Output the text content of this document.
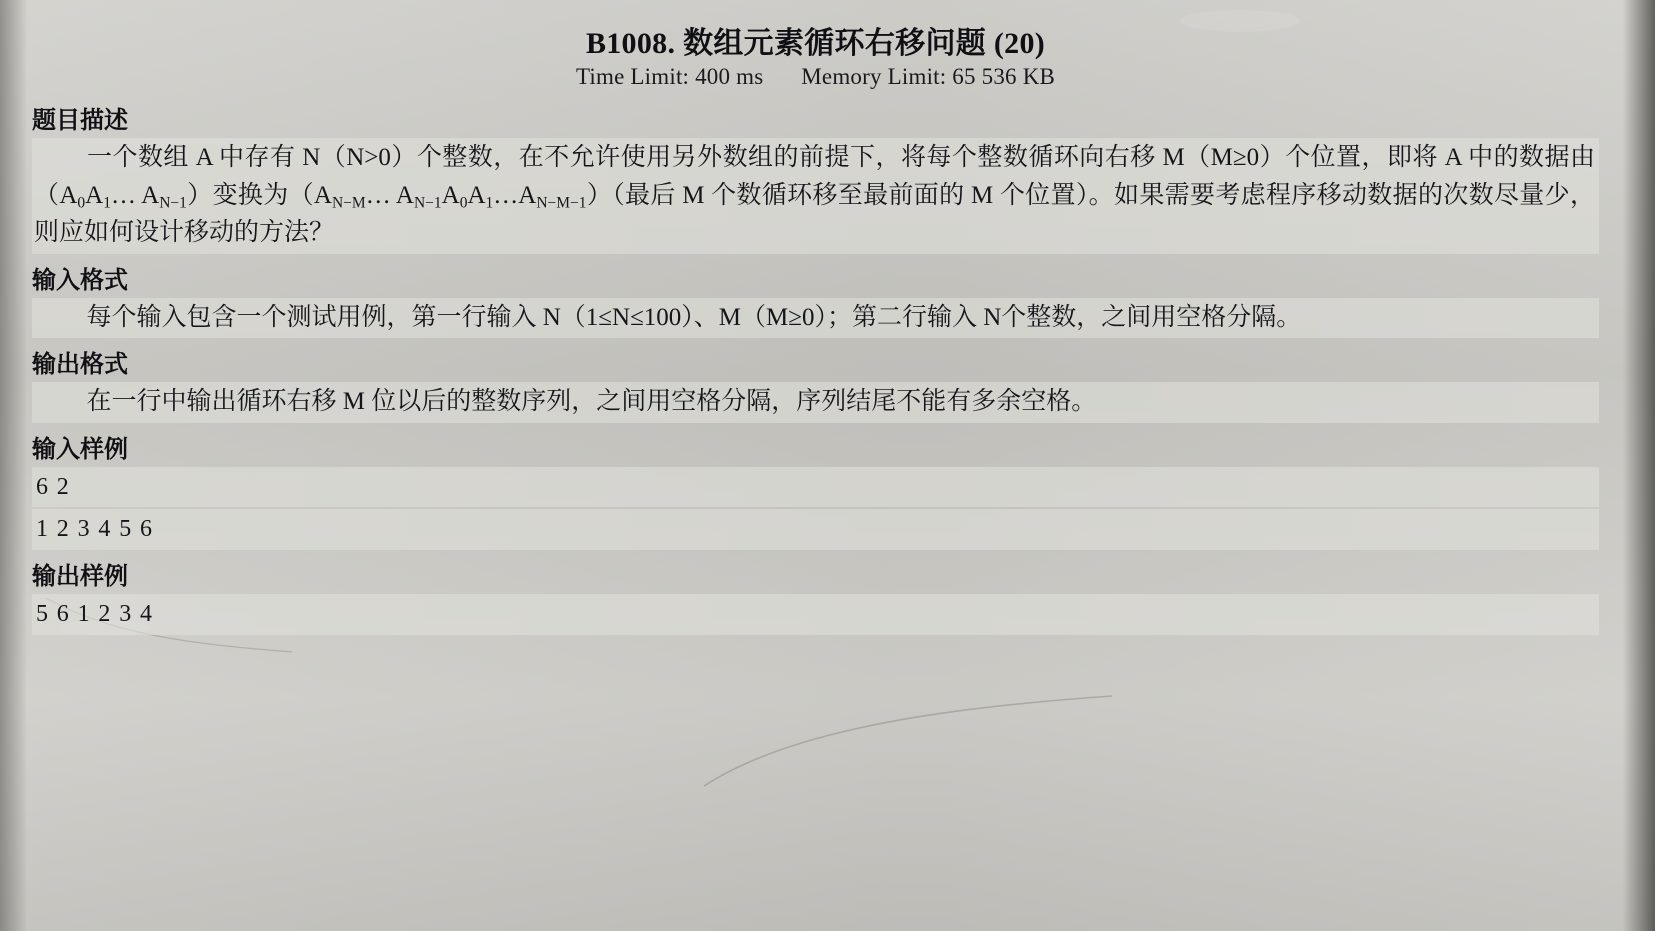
B1008. 数组元素循环右移问题 (20)
Time Limit: 400 ms Memory Limit: 65 536 KB
题目描述
一个数组 A 中存有 N（N>0）个整数，在不允许使用另外数组的前提下，将每个整数循环向右移 M（M≥0）个位置，即将 A 中的数据由（$A_0A_1\dots$ $A_{N-1}$）变换为（$A_{N-M}\dots$ $A_{N-1}A_0A_1\dots A_{N-M-1}$）（最后 M 个数循环移至最前面的 M 个位置）。如果需要考虑程序移动数据的次数尽量少，则应如何设计移动的方法？
输入格式
每个输入包含一个测试用例，第一行输入 N（1≤N≤100）、M（M≥0）；第二行输入 N个整数，之间用空格分隔。
输出格式
在一行中输出循环右移 M 位以后的整数序列，之间用空格分隔，序列结尾不能有多余空格。
输入样例
6 2
1 2 3 4 5 6
输出样例
5 6 1 2 3 4
